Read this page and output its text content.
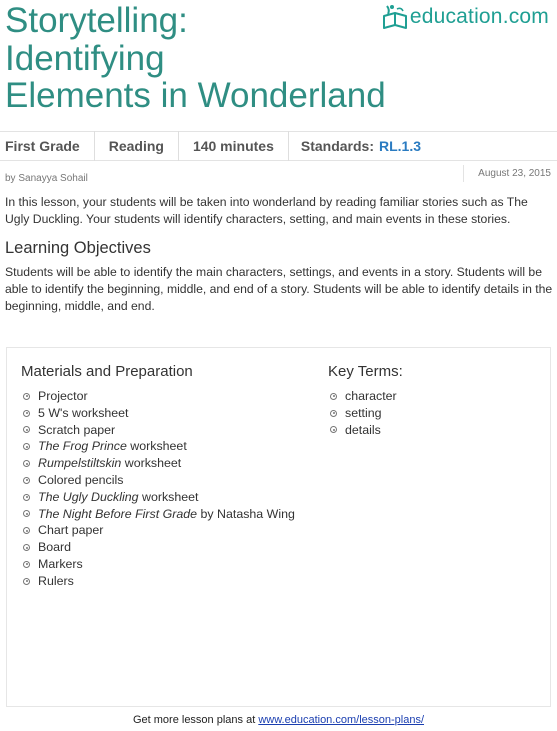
Storytelling:
Identifying
Elements in Wonderland
education.com
First Grade	Reading	140 minutes	Standards: RL.1.3
by Sanayya Sohail	August 23, 2015

In this lesson, your students will be taken into wonderland by reading familiar stories such as The Ugly Duckling. Your students will identify characters, setting, and main events in these stories.

Learning Objectives

Students will be able to identify the main characters, settings, and events in a story. Students will be able to identify the beginning, middle, and end of a story. Students will be able to identify details in the beginning, middle, and end.

Materials and Preparation
Projector
5 W's worksheet
Scratch paper
The Frog Prince worksheet
Rumpelstiltskin worksheet
Colored pencils
The Ugly Duckling worksheet
The Night Before First Grade by Natasha Wing
Chart paper
Board
Markers
Rulers
Key Terms:
character
setting
details
Get more lesson plans at www.education.com/lesson-plans/
